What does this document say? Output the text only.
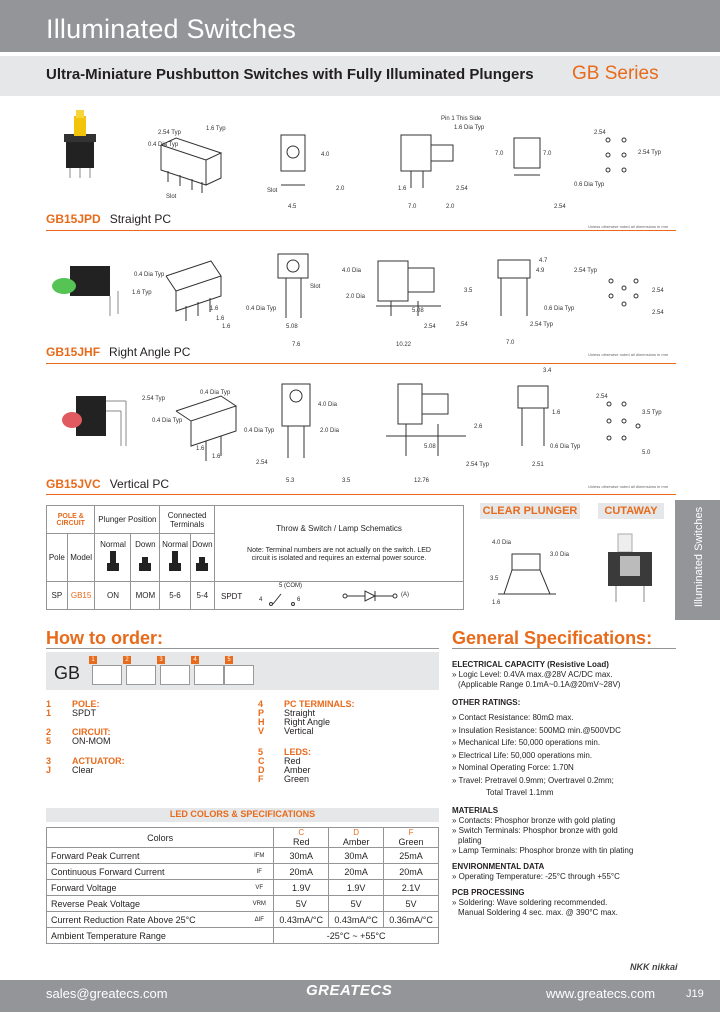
Illuminated Switches
Ultra-Miniature Pushbutton Switches with Fully Illuminated Plungers GB Series
2.54 Typ
1.6 Typ
0.4 Dia Typ
Slot
Slot
4.5
4.0
2.0
Pin 1 This Side
1.6 Dia Typ
1.6
7.0	2.0
2.54
7.0	7.0
2.54
2.54
2.54 Typ
0.6 Dia Typ
Unless otherwise noted all dimensions in mm
GB15JPD Straight PC
0.4 Dia Typ
1.6 Typ
1.6
1.6
1.6
0.4 Dia Typ
5.08
Slot
7.6
4.0 Dia
2.0 Dia
5.08
2.54	2.54
10.22
3.5
4.9
4.7
2.54 Typ
7.0
2.54 Typ
0.6 Dia Typ
2.54
2.54
Unless otherwise noted all dimensions in mm
GB15JHF Right Angle PC
2.54 Typ
0.4 Dia Typ
0.4 Dia Typ
1.6
1.6
0.4 Dia Typ
2.54
5.3
4.0 Dia
2.0 Dia
5.08
2.54 Typ
3.5	12.76
2.6
3.4
1.6
2.51
2.54
3.5 Typ
0.6 Dia Typ
5.0
Unless otherwise noted all dimensions in mm
GB15JVC Vertical PC
Illuminated Switches
POLE & CIRCUIT		Plunger Position		Connected Terminals		Throw & Switch / Lamp Schematics
Note: Terminal numbers are not actually on the switch. LED circuit is isolated and requires an external power source.

Pole	Model	Normal	Down	Normal	Down	

SP	GB15	ON	MOM	5-6	5-4	SPDT
5 (COM)
4 6
(A)
CLEAR PLUNGER	CUTAWAY
4.0 Dia
3.0 Dia
3.5
1.6
How to order:
GB
1	2	3	4	5
1 POLE:
1 SPDT
2 CIRCUIT:
5 ON-MOM
3 ACTUATOR:
J Clear
4 PC TERMINALS:
P Straight
H Right Angle
V Vertical
5 LEDS:
C Red
D Amber
F Green
LED COLORS & SPECIFICATIONS
Colors		C	D	F
		Red	Amber	Green
Forward Peak Current	IFM	30mA	30mA	25mA
Continuous Forward Current	IF	20mA	20mA	20mA
Forward Voltage	VF	1.9V	1.9V	2.1V
Reverse Peak Voltage	VRM	5V	5V	5V
Current Reduction Rate Above 25°C	ΔIF	0.43mA/°C	0.43mA/°C	0.36mA/°C
Ambient Temperature Range		-25°C ~ +55°C		
General Specifications:
ELECTRICAL CAPACITY (Resistive Load)
» Logic Level: 0.4VA max.@28V AC/DC max.
(Applicable Range 0.1mA~0.1A@20mV~28V)
OTHER RATINGS:
» Contact Resistance: 80mΩ max.
» Insulation Resistance: 500MΩ min.@500VDC
» Mechanical Life: 50,000 operations min.
» Electrical Life: 50,000 operations min.
» Nominal Operating Force: 1.70N
» Travel: Pretravel 0.9mm; Overtravel 0.2mm;
Total Travel 1.1mm
MATERIALS
» Contacts: Phosphor bronze with gold plating
» Switch Terminals: Phosphor bronze with gold
plating
» Lamp Terminals: Phosphor bronze with tin plating
ENVIRONMENTAL DATA
» Operating Temperature: -25°C through +55°C
PCB PROCESSING
» Soldering: Wave soldering recommended.
Manual Soldering 4 sec. max. @ 390°C max.
NKK nikkai
sales@greatecs.com	GREATECS	www.greatecs.com	J19
